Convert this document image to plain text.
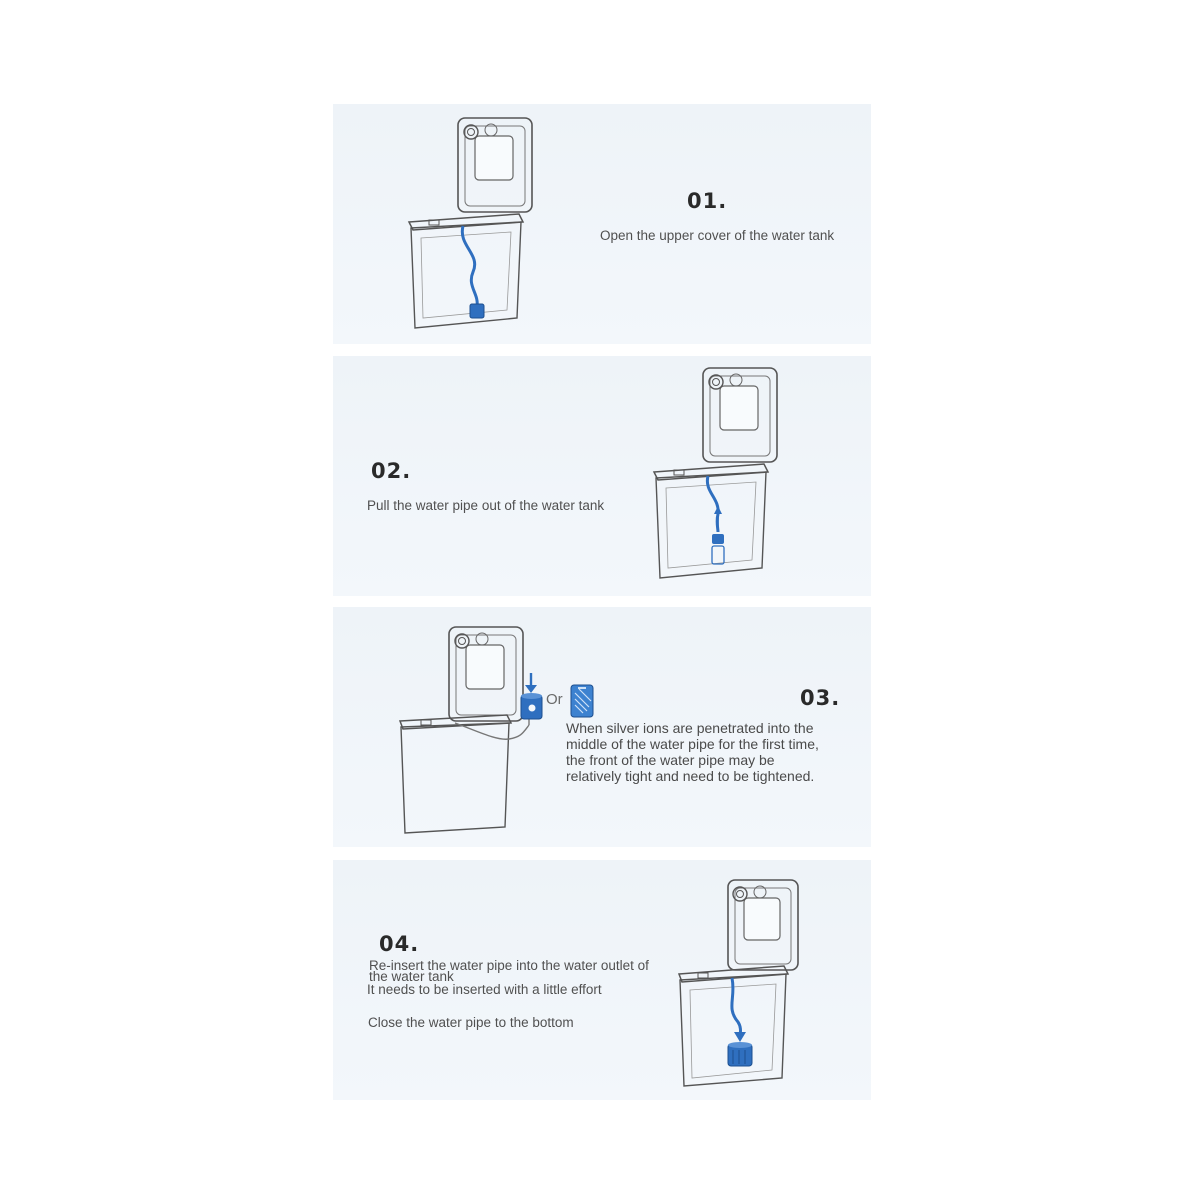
01.

Open the upper cover of the water tank

02.

Pull the water pipe out of the water tank

Or	03.

When silver ions are penetrated into the

middle of the water pipe for the first time,

the front of the water pipe may be

relatively tight and need to be tightened.

04.

Re-insert the water pipe into the water outlet of

the water tank

It needs to be inserted with a little effort

Close the water pipe to the bottom
